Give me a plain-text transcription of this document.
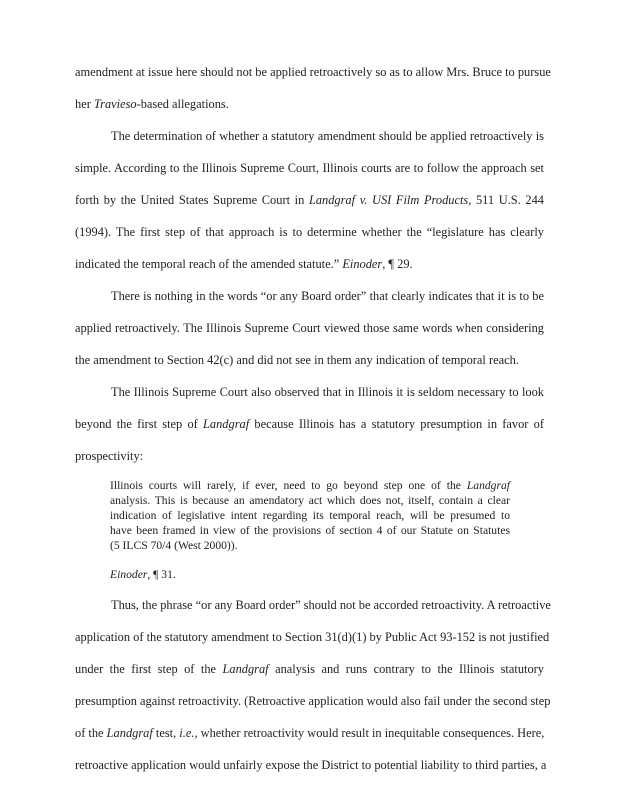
amendment at issue here should not be applied retroactively so as to allow Mrs. Bruce to pursue
her Travieso-based allegations.
The determination of whether a statutory amendment should be applied retroactively is
simple. According to the Illinois Supreme Court, Illinois courts are to follow the approach set
forth by the United States Supreme Court in Landgraf v. USI Film Products, 511 U.S. 244
(1994). The first step of that approach is to determine whether the “legislature has clearly
indicated the temporal reach of the amended statute.” Einoder, ¶ 29.
There is nothing in the words “or any Board order” that clearly indicates that it is to be
applied retroactively. The Illinois Supreme Court viewed those same words when considering
the amendment to Section 42(c) and did not see in them any indication of temporal reach.
The Illinois Supreme Court also observed that in Illinois it is seldom necessary to look
beyond the first step of Landgraf because Illinois has a statutory presumption in favor of
prospectivity:
Illinois courts will rarely, if ever, need to go beyond step one of the Landgraf
analysis. This is because an amendatory act which does not, itself, contain a clear
indication of legislative intent regarding its temporal reach, will be presumed to
have been framed in view of the provisions of section 4 of our Statute on Statutes
(5 ILCS 70/4 (West 2000)).
Einoder, ¶ 31.
Thus, the phrase “or any Board order” should not be accorded retroactivity. A retroactive
application of the statutory amendment to Section 31(d)(1) by Public Act 93-152 is not justified
under the first step of the Landgraf analysis and runs contrary to the Illinois statutory
presumption against retroactivity. (Retroactive application would also fail under the second step
of the Landgraf test, i.e., whether retroactivity would result in inequitable consequences. Here,
retroactive application would unfairly expose the District to potential liability to third parties, a
